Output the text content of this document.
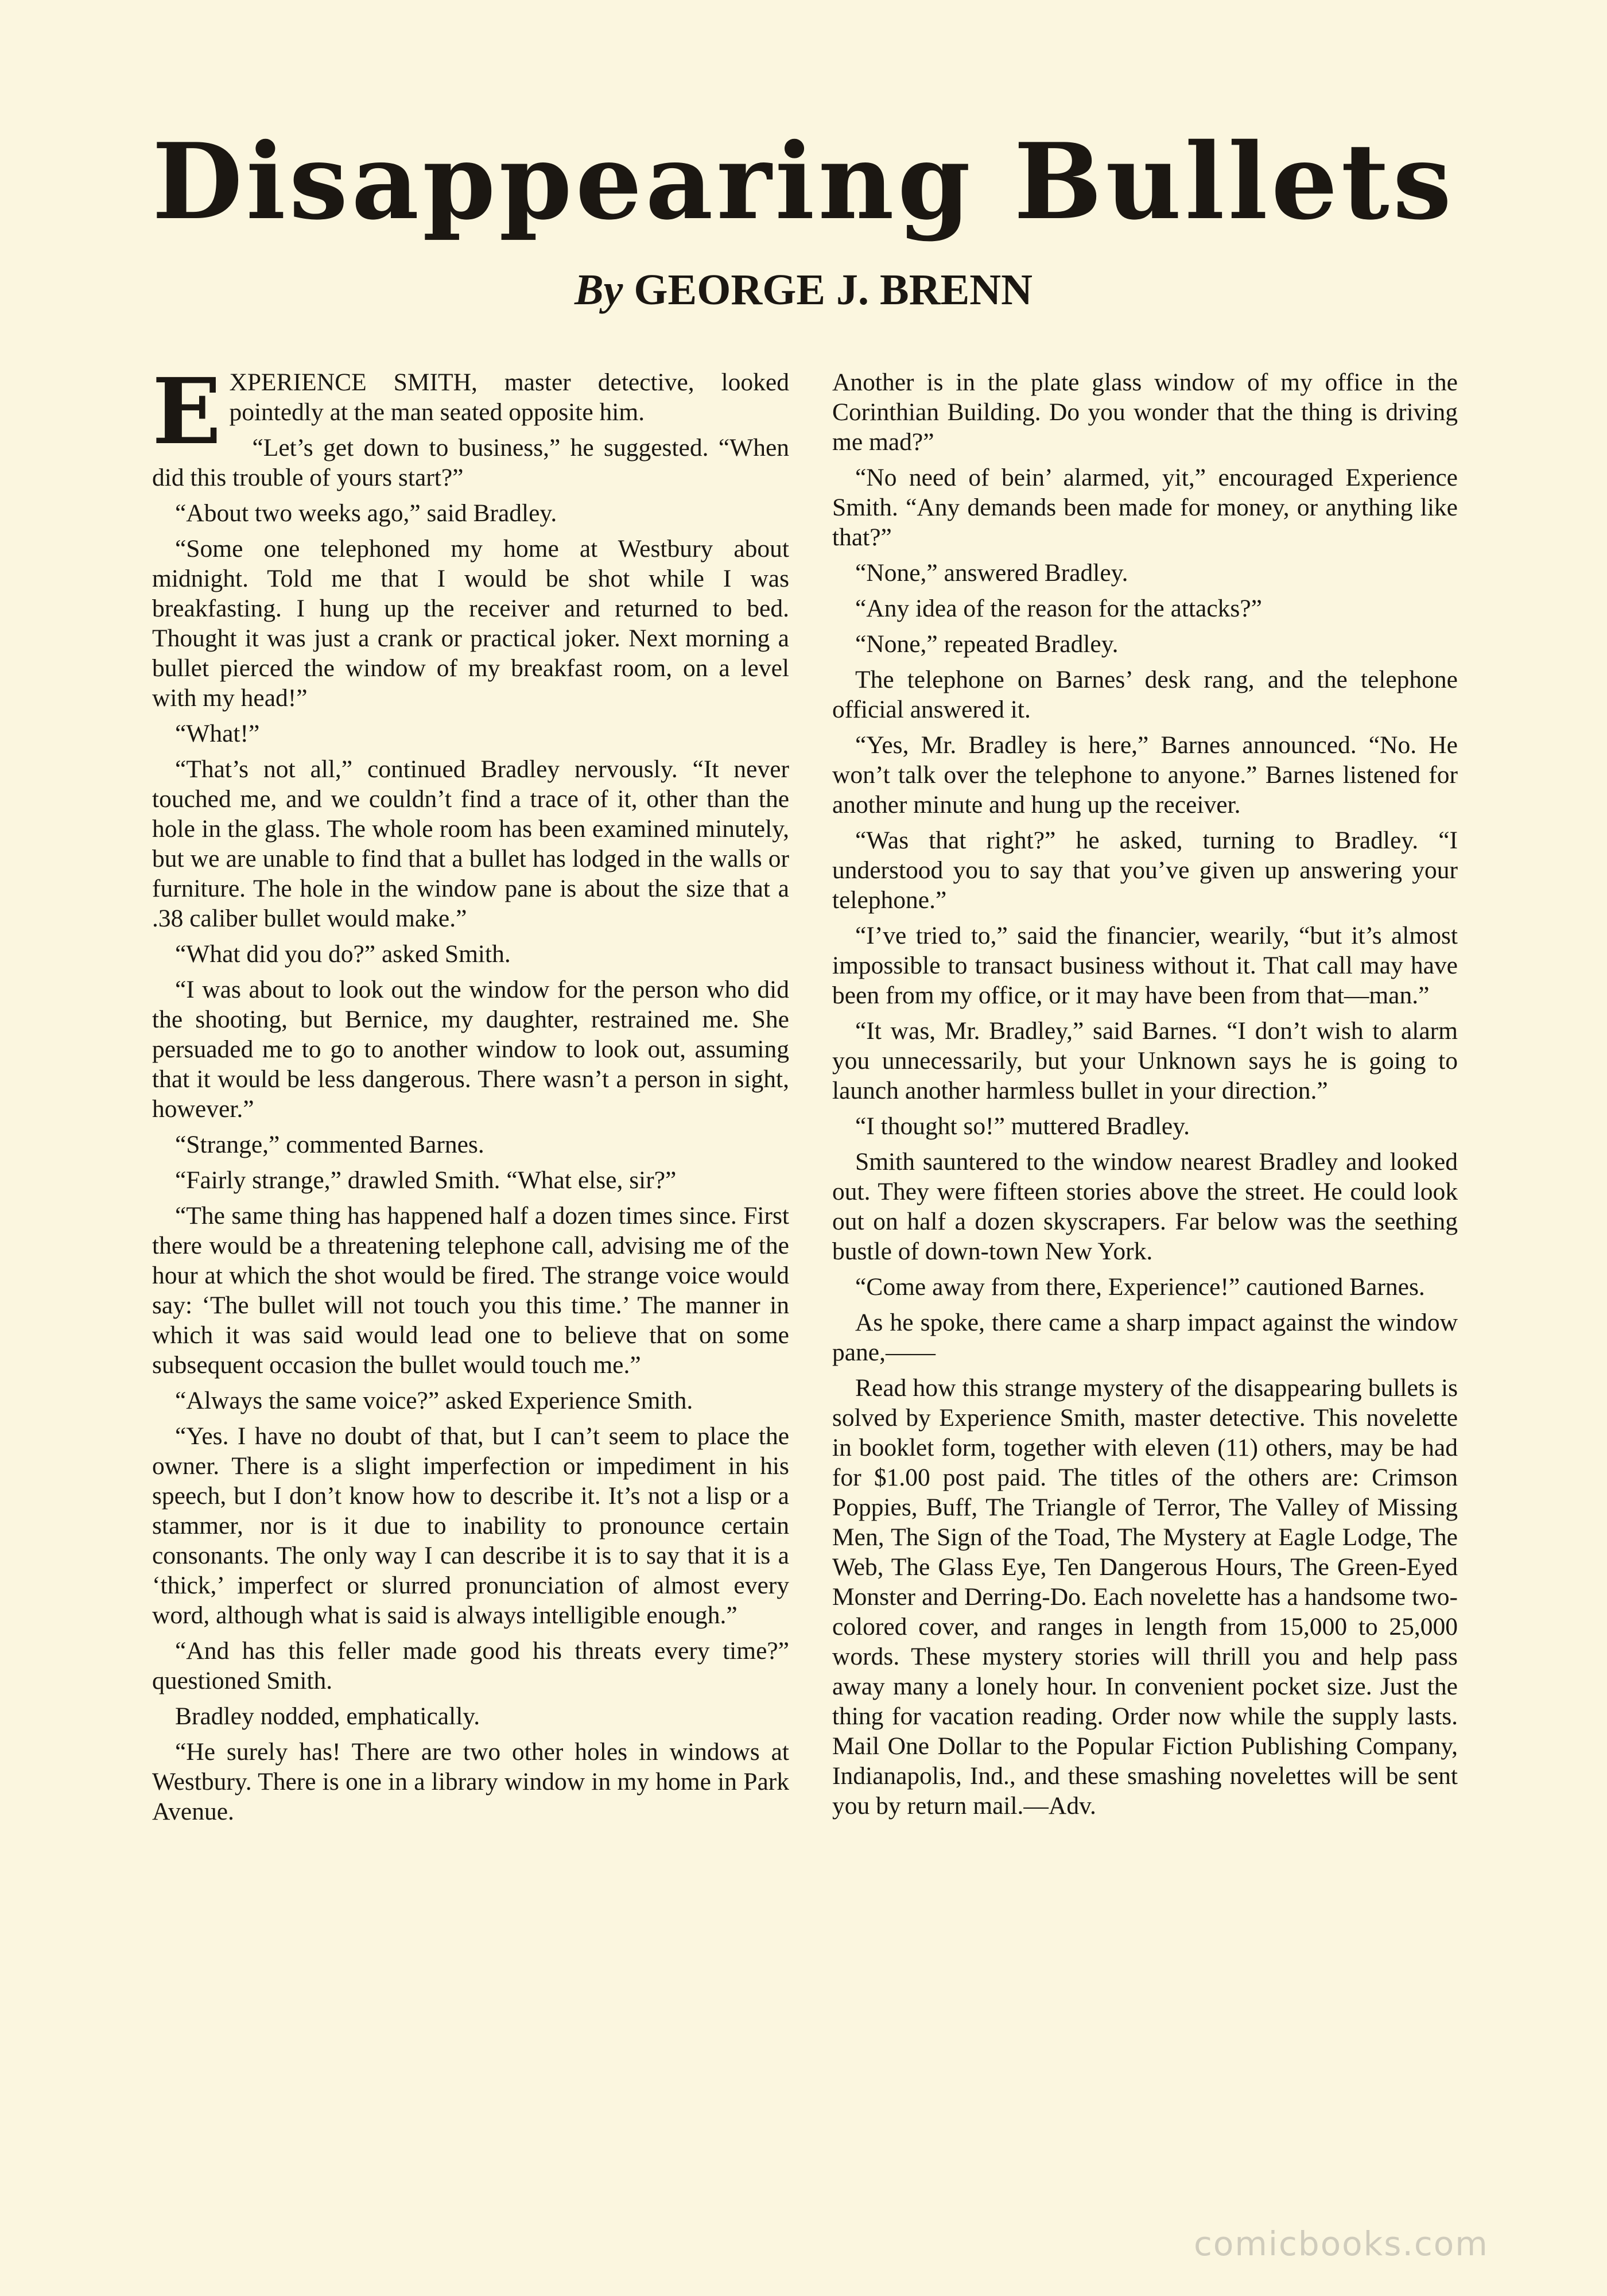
Disappearing Bullets
By GEORGE J. BRENN
E XPERIENCE SMITH, master detective, looked pointedly at the man seated opposite him.

“Let’s get down to business,” he suggested. “When did this trouble of yours start?”

“About two weeks ago,” said Bradley.

“Some one telephoned my home at Westbury about midnight. Told me that I would be shot while I was breakfasting. I hung up the receiver and returned to bed. Thought it was just a crank or practical joker. Next morning a bullet pierced the window of my breakfast room, on a level with my head!”

“What!”

“That’s not all,” continued Bradley nervously. “It never touched me, and we couldn’t find a trace of it, other than the hole in the glass. The whole room has been examined minutely, but we are unable to find that a bullet has lodged in the walls or furniture. The hole in the window pane is about the size that a .38 caliber bullet would make.”

“What did you do?” asked Smith.

“I was about to look out the window for the person who did the shooting, but Bernice, my daughter, restrained me. She persuaded me to go to another window to look out, assuming that it would be less dangerous. There wasn’t a person in sight, however.”

“Strange,” commented Barnes.

“Fairly strange,” drawled Smith. “What else, sir?”

“The same thing has happened half a dozen times since. First there would be a threatening telephone call, advising me of the hour at which the shot would be fired. The strange voice would say: ‘The bullet will not touch you this time.’ The manner in which it was said would lead one to believe that on some subsequent occasion the bullet would touch me.”

“Always the same voice?” asked Experience Smith.

“Yes. I have no doubt of that, but I can’t seem to place the owner. There is a slight imperfection or impediment in his speech, but I don’t know how to describe it. It’s not a lisp or a stammer, nor is it due to inability to pronounce certain consonants. The only way I can describe it is to say that it is a ‘thick,’ imperfect or slurred pronunciation of almost every word, although what is said is always intelligible enough.”

“And has this feller made good his threats every time?” questioned Smith.

Bradley nodded, emphatically.

“He surely has! There are two other holes in windows at Westbury. There is one in a library window in my home in Park Avenue.

Another is in the plate glass window of my office in the Corinthian Building. Do you wonder that the thing is driving me mad?”

“No need of bein’ alarmed, yit,” encouraged Experience Smith. “Any demands been made for money, or anything like that?”

“None,” answered Bradley.

“Any idea of the reason for the attacks?”

“None,” repeated Bradley.

The telephone on Barnes’ desk rang, and the telephone official answered it.

“Yes, Mr. Bradley is here,” Barnes announced. “No. He won’t talk over the telephone to anyone.” Barnes listened for another minute and hung up the receiver.

“Was that right?” he asked, turning to Bradley. “I understood you to say that you’ve given up answering your telephone.”

“I’ve tried to,” said the financier, wearily, “but it’s almost impossible to transact business without it. That call may have been from my office, or it may have been from that—man.”

“It was, Mr. Bradley,” said Barnes. “I don’t wish to alarm you unnecessarily, but your Unknown says he is going to launch another harmless bullet in your direction.”

“I thought so!” muttered Bradley.

Smith sauntered to the window nearest Bradley and looked out. They were fifteen stories above the street. He could look out on half a dozen skyscrapers. Far below was the seething bustle of down-town New York.

“Come away from there, Experience!” cautioned Barnes.

As he spoke, there came a sharp impact against the window pane,——

Read how this strange mystery of the disappearing bullets is solved by Experience Smith, master detective. This novelette in booklet form, together with eleven (11) others, may be had for $1.00 post paid. The titles of the others are: Crimson Poppies, Buff, The Triangle of Terror, The Valley of Missing Men, The Sign of the Toad, The Mystery at Eagle Lodge, The Web, The Glass Eye, Ten Dangerous Hours, The Green-Eyed Monster and Derring-Do. Each novelette has a handsome two-colored cover, and ranges in length from 15,000 to 25,000 words. These mystery stories will thrill you and help pass away many a lonely hour. In convenient pocket size. Just the thing for vacation reading. Order now while the supply lasts. Mail One Dollar to the Popular Fiction Publishing Company, Indianapolis, Ind., and these smashing novelettes will be sent you by return mail.—Adv.

comicbooks.com
